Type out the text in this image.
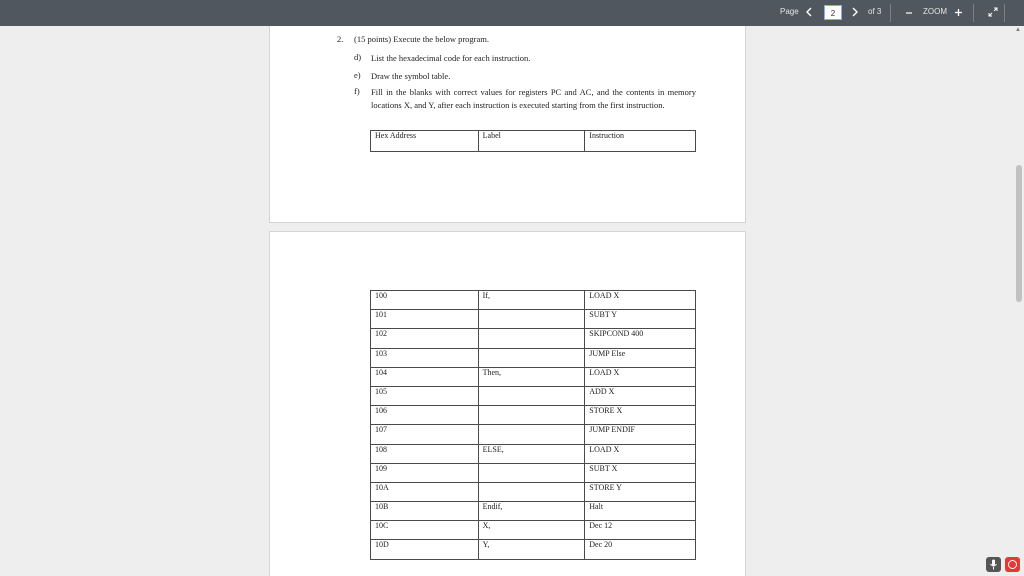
Page	2	of 3	ZOOM
▲
2. (15 points) Execute the below program.
d) List the hexadecimal code for each instruction.
e) Draw the symbol table.
f) Fill in the blanks with correct values for registers PC and AC, and the contents in memory locations X, and Y, after each instruction is executed starting from the first instruction.
Hex Address	Label	Instruction
100	If,	LOAD X
101		SUBT Y
102		SKIPCOND 400
103		JUMP Else
104	Then,	LOAD X
105		ADD X
106		STORE X
107		JUMP ENDIF
108	ELSE,	LOAD X
109		SUBT X
10A		STORE Y
10B	Endif,	Halt
10C	X,	Dec 12
10D	Y,	Dec 20
